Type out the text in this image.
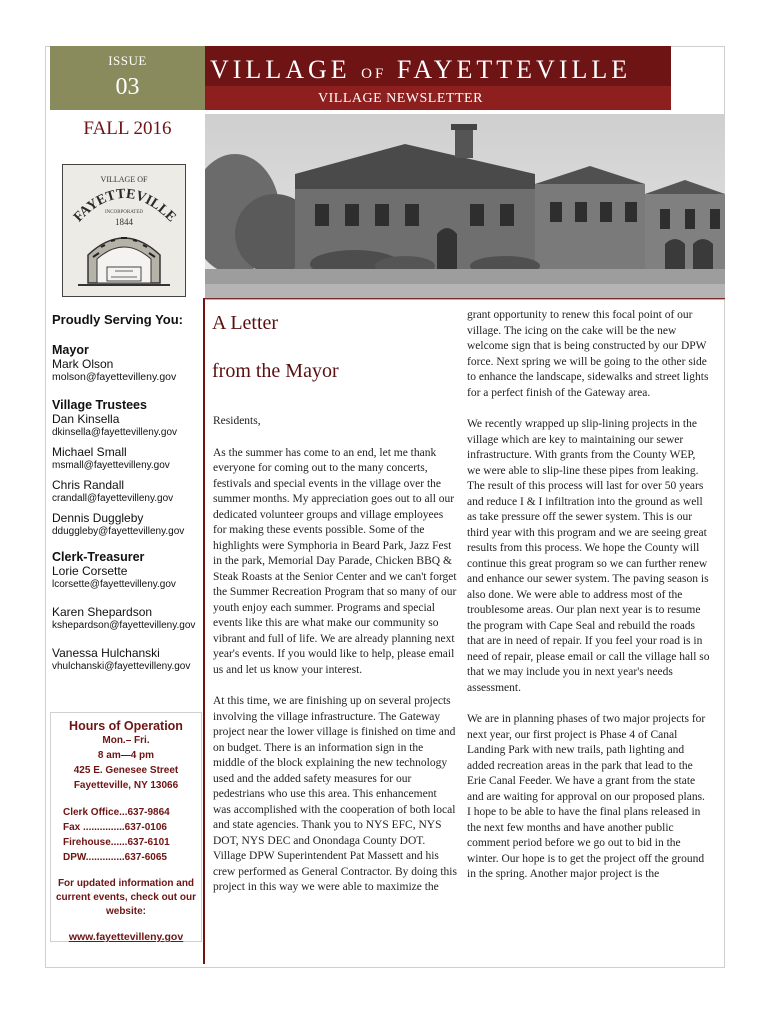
ISSUE
03
VILLAGE OF FAYETTEVILLE
VILLAGE NEWSLETTER
FALL 2016
VILLAGE OF
FAYETTEVILLE
INCORPORATED
1844
Proudly Serving You:
Mayor
Mark Olson
molson@fayettevilleny.gov
Village Trustees
Dan Kinsella
dkinsella@fayettevilleny.gov
Michael Small
msmall@fayettevilleny.gov
Chris Randall
crandall@fayettevilleny.gov
Dennis Duggleby
dduggleby@fayettevilleny.gov
Clerk-Treasurer
Lorie Corsette
lcorsette@fayettevilleny.gov
Karen Shepardson
kshepardson@fayettevilleny.gov
Vanessa Hulchanski
vhulchanski@fayettevilleny.gov
Hours of Operation
Mon.– Fri.
8 am—4 pm
425 E. Genesee Street
Fayetteville, NY 13066
Clerk Office...637-9864
Fax ...............637-0106
Firehouse......637-6101
DPW..............637-6065
For updated information and current events, check out our website:
www.fayettevilleny.gov
A Letter
from the Mayor

Residents,

As the summer has come to an end, let me thank everyone for coming out to the many concerts, festivals and special events in the village over the summer months. My appreciation goes out to all our dedicated volunteer groups and village employees for making these events possible. Some of the highlights were Symphoria in Beard Park, Jazz Fest in the park, Memorial Day Parade, Chicken BBQ & Steak Roasts at the Senior Center and we can't forget the Summer Recreation Program that so many of our youth enjoy each summer. Programs and special events like this are what make our community so vibrant and full of life. We are already planning next year's events. If you would like to help, please email us and let us know your interest.

At this time, we are finishing up on several projects involving the village infrastructure. The Gateway project near the lower village is finished on time and on budget. There is an information sign in the middle of the block explaining the new technology used and the added safety measures for our pedestrians who use this area. This enhancement was accomplished with the cooperation of both local and state agencies. Thank you to NYS EFC, NYS DOT, NYS DEC and Onondaga County DOT. Village DPW Superintendent Pat Massett and his crew performed as General Contractor. By doing this project in this way we were able to maximize the

grant opportunity to renew this focal point of our village. The icing on the cake will be the new welcome sign that is being constructed by our DPW force. Next spring we will be going to the other side to enhance the landscape, sidewalks and street lights for a perfect finish of the Gateway area.

We recently wrapped up slip-lining projects in the village which are key to maintaining our sewer infrastructure. With grants from the County WEP, we were able to slip-line these pipes from leaking. The result of this process will last for over 50 years and reduce I & I infiltration into the ground as well as take pressure off the sewer system. This is our third year with this program and we are seeing great results from this process. We hope the County will continue this great program so we can further renew and enhance our sewer system. The paving season is also done. We were able to address most of the troublesome areas. Our plan next year is to resume the program with Cape Seal and rebuild the roads that are in need of repair. If you feel your road is in need of repair, please email or call the village hall so that we may include you in next year's needs assessment.

We are in planning phases of two major projects for next year, our first project is Phase 4 of Canal Landing Park with new trails, path lighting and added recreation areas in the park that lead to the Erie Canal Feeder. We have a grant from the state and are waiting for approval on our proposed plans. I hope to be able to have the final plans released in the next few months and have another public comment period before we go out to bid in the winter. Our hope is to get the project off the ground in the spring. Another major project is the
